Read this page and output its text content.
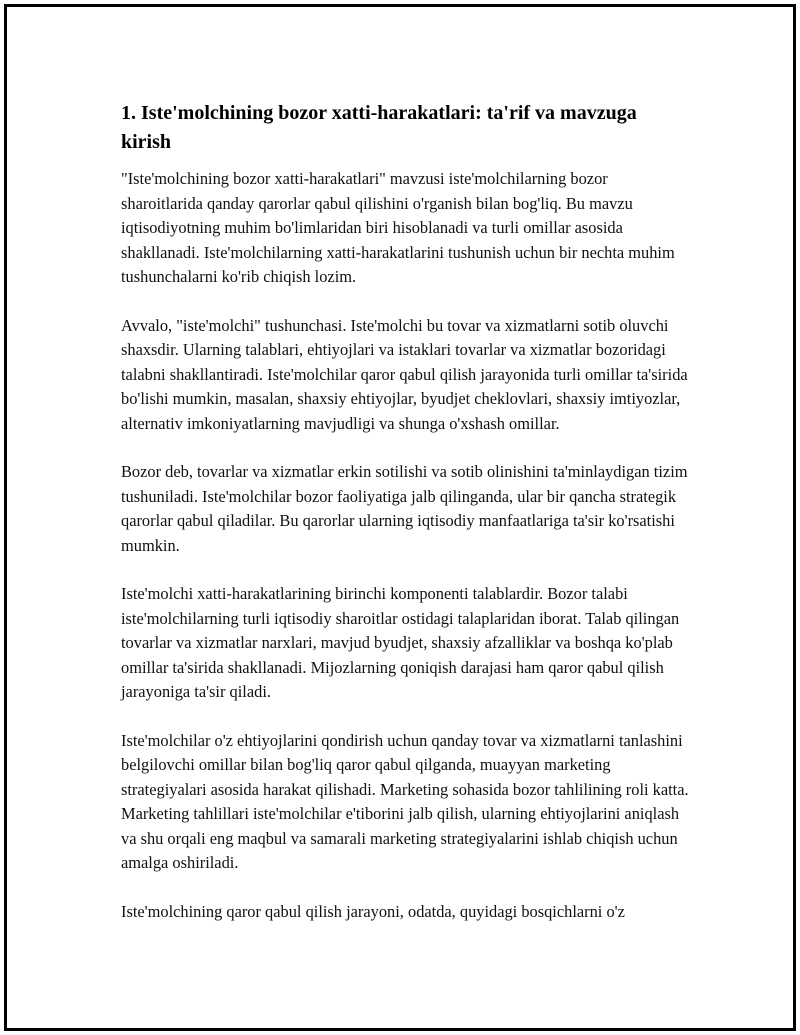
1. Iste'molchining bozor xatti-harakatlari: ta'rif va mavzuga kirish

"Iste'molchining bozor xatti-harakatlari" mavzusi iste'molchilarning bozor sharoitlarida qanday qarorlar qabul qilishini o'rganish bilan bog'liq. Bu mavzu iqtisodiyotning muhim bo'limlaridan biri hisoblanadi va turli omillar asosida shakllanadi. Iste'molchilarning xatti-harakatlarini tushunish uchun bir nechta muhim tushunchalarni ko'rib chiqish lozim.

Avvalo, "iste'molchi" tushunchasi. Iste'molchi bu tovar va xizmatlarni sotib oluvchi shaxsdir. Ularning talablari, ehtiyojlari va istaklari tovarlar va xizmatlar bozoridagi talabni shakllantiradi. Iste'molchilar qaror qabul qilish jarayonida turli omillar ta'sirida bo'lishi mumkin, masalan, shaxsiy ehtiyojlar, byudjet cheklovlari, shaxsiy imtiyozlar, alternativ imkoniyatlarning mavjudligi va shunga o'xshash omillar.

Bozor deb, tovarlar va xizmatlar erkin sotilishi va sotib olinishini ta'minlaydigan tizim tushuniladi. Iste'molchilar bozor faoliyatiga jalb qilinganda, ular bir qancha strategik qarorlar qabul qiladilar. Bu qarorlar ularning iqtisodiy manfaatlariga ta'sir ko'rsatishi mumkin.

Iste'molchi xatti-harakatlarining birinchi komponenti talablardir. Bozor talabi iste'molchilarning turli iqtisodiy sharoitlar ostidagi talaplaridan iborat. Talab qilingan tovarlar va xizmatlar narxlari, mavjud byudjet, shaxsiy afzalliklar va boshqa ko'plab omillar ta'sirida shakllanadi. Mijozlarning qoniqish darajasi ham qaror qabul qilish jarayoniga ta'sir qiladi.

Iste'molchilar o'z ehtiyojlarini qondirish uchun qanday tovar va xizmatlarni tanlashini belgilovchi omillar bilan bog'liq qaror qabul qilganda, muayyan marketing strategiyalari asosida harakat qilishadi. Marketing sohasida bozor tahlilining roli katta. Marketing tahlillari iste'molchilar e'tiborini jalb qilish, ularning ehtiyojlarini aniqlash va shu orqali eng maqbul va samarali marketing strategiyalarini ishlab chiqish uchun amalga oshiriladi.

Iste'molchining qaror qabul qilish jarayoni, odatda, quyidagi bosqichlarni o'z
